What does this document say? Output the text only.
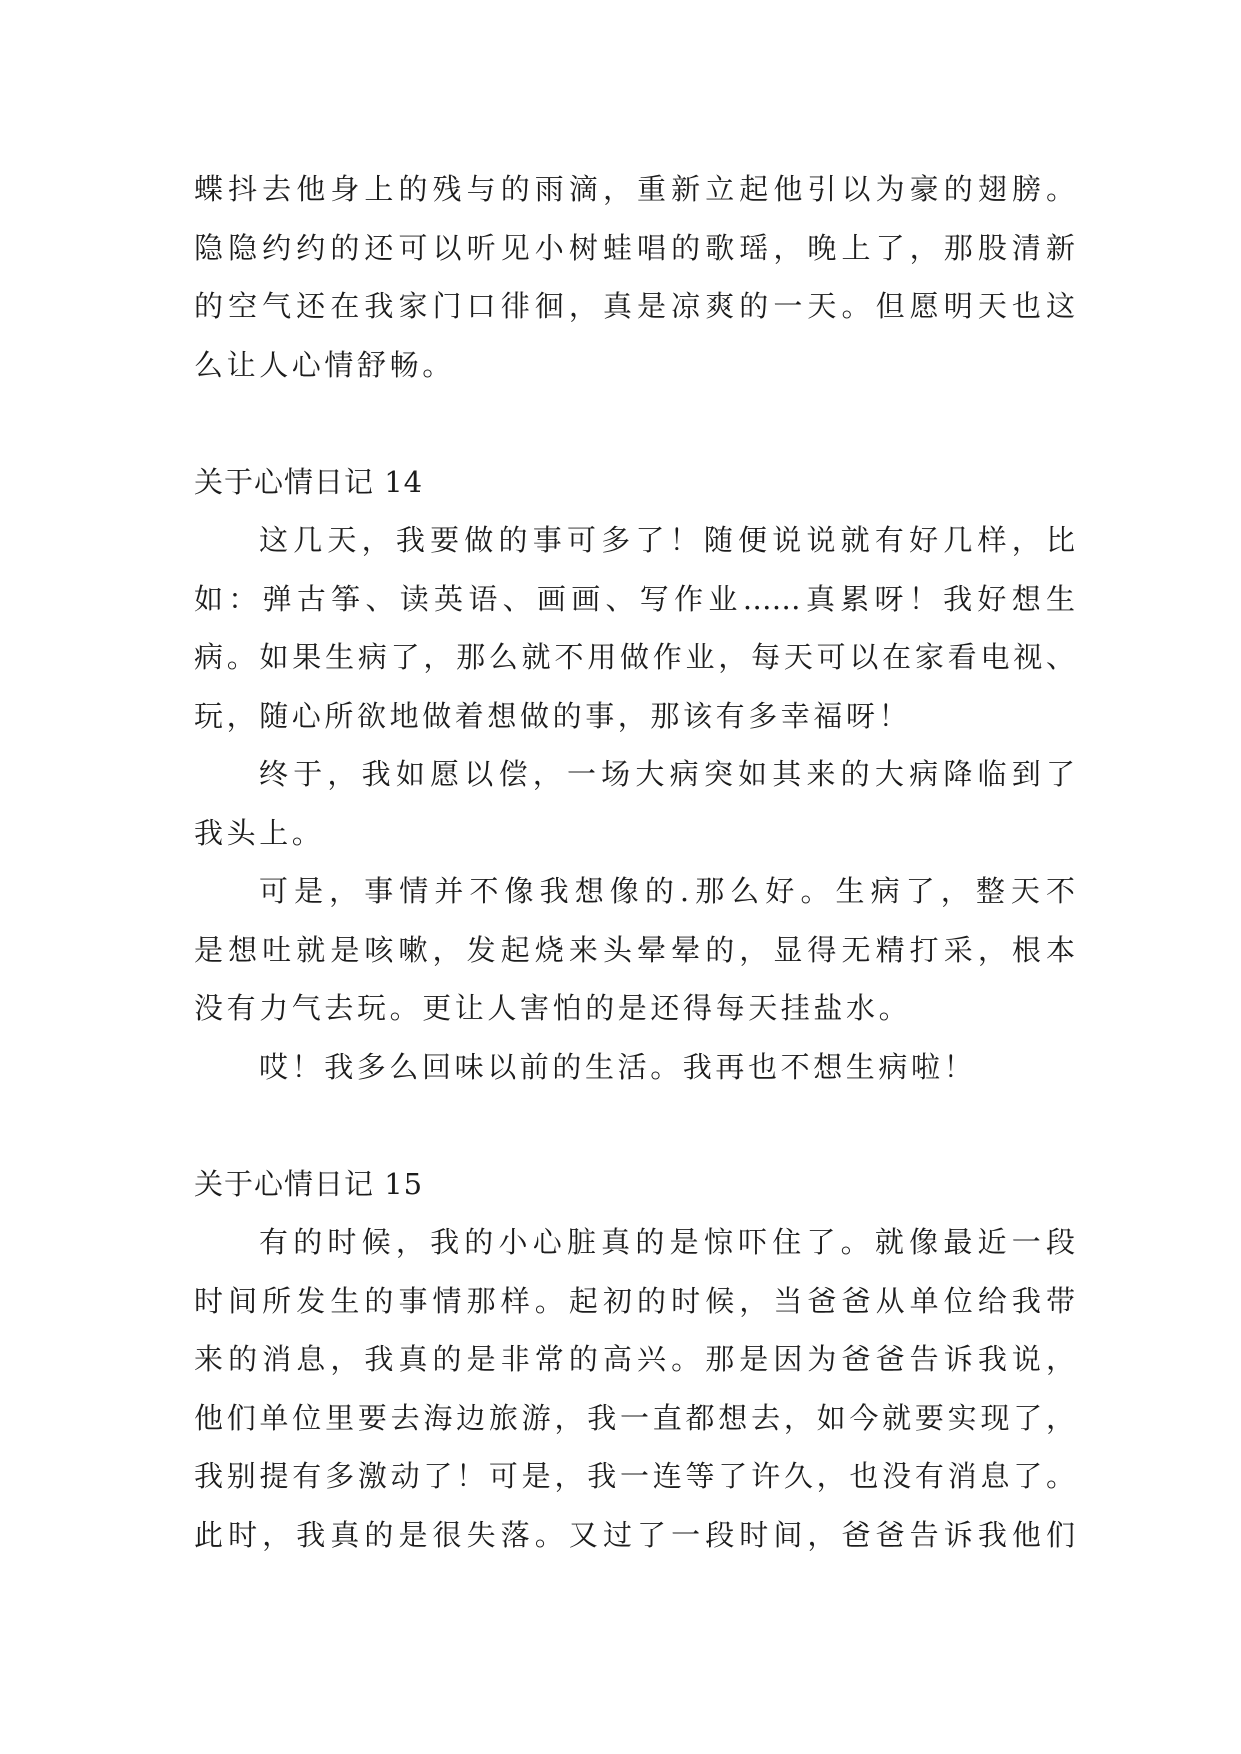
蝶抖去他身上的残与的雨滴，重新立起他引以为豪的翅膀。
隐隐约约的还可以听见小树蛙唱的歌瑶，晚上了，那股清新
的空气还在我家门口徘徊，真是凉爽的一天。但愿明天也这
么让人心情舒畅。
关于心情日记 14
这几天，我要做的事可多了！随便说说就有好几样，比
如：弹古筝、读英语、画画、写作业……真累呀！我好想生
病。如果生病了，那么就不用做作业，每天可以在家看电视、
玩，随心所欲地做着想做的事，那该有多幸福呀！
终于，我如愿以偿，一场大病突如其来的大病降临到了
我头上。
可是，事情并不像我想像的.那么好。生病了，整天不
是想吐就是咳嗽，发起烧来头晕晕的，显得无精打采，根本
没有力气去玩。更让人害怕的是还得每天挂盐水。
哎！我多么回味以前的生活。我再也不想生病啦！
关于心情日记 15
有的时候，我的小心脏真的是惊吓住了。就像最近一段
时间所发生的事情那样。起初的时候，当爸爸从单位给我带
来的消息，我真的是非常的高兴。那是因为爸爸告诉我说，
他们单位里要去海边旅游，我一直都想去，如今就要实现了，
我别提有多激动了！可是，我一连等了许久，也没有消息了。
此时，我真的是很失落。又过了一段时间，爸爸告诉我他们
